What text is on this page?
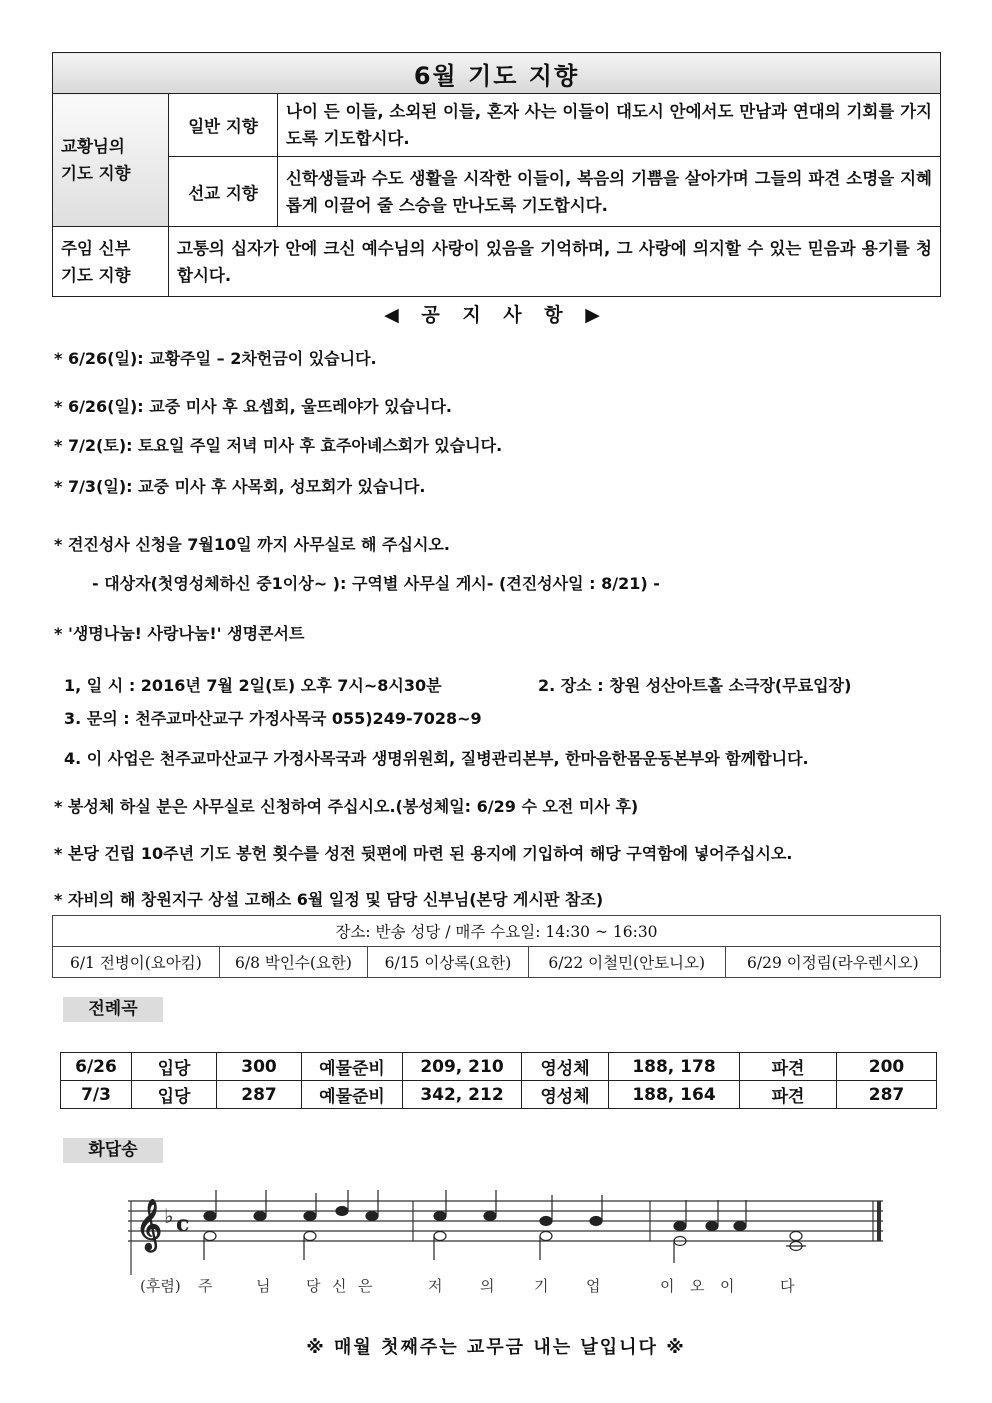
6월 기도 지향		

교황님의
기도 지향	일반 지향	나이 든 이들, 소외된 이들, 혼자 사는 이들이 대도시 안에서도 만남과 연대의 기회를 가지도록 기도합시다.
	선교 지향	신학생들과 수도 생활을 시작한 이들이, 복음의 기쁨을 살아가며 그들의 파견 소명을 지혜롭게 이끌어 줄 스승을 만나도록 기도합시다.

주임 신부
기도 지향	고통의 십자가 안에 크신 예수님의 사랑이 있음을 기억하며, 그 사랑에 의지할 수 있는 믿음과 용기를 청합시다.	
◀ 공 지 사 항 ▶
* 6/26(일): 교황주일 – 2차헌금이 있습니다.
* 6/26(일): 교중 미사 후 요셉회, 울뜨레야가 있습니다.
* 7/2(토): 토요일 주일 저녁 미사 후 효주아녜스회가 있습니다.
* 7/3(일): 교중 미사 후 사목회, 성모회가 있습니다.
* 견진성사 신청을 7월10일 까지 사무실로 해 주십시오.
- 대상자(첫영성체하신 중1이상~ ): 구역별 사무실 게시- (견진성사일 : 8/21) -
* '생명나눔! 사랑나눔!' 생명콘서트
1, 일 시 : 2016년 7월 2일(토) 오후 7시~8시30분	2. 장소 : 창원 성산아트홀 소극장(무료입장)
3. 문의 : 천주교마산교구 가정사목국 055)249-7028~9
4. 이 사업은 천주교마산교구 가정사목국과 생명위원회, 질병관리본부, 한마음한몸운동본부와 함께합니다.
* 봉성체 하실 분은 사무실로 신청하여 주십시오.(봉성체일: 6/29 수 오전 미사 후)
* 본당 건립 10주년 기도 봉헌 횟수를 성전 뒷편에 마련 된 용지에 기입하여 해당 구역함에 넣어주십시오.
* 자비의 해 창원지구 상설 고해소 6월 일정 및 담당 신부님(본당 게시판 참조)
장소: 반송 성당 / 매주 수요일: 14:30 ~ 16:30
6/1 전병이(요아킴)	6/8 박인수(요한)	6/15 이상록(요한)	6/22 이철민(안토니오)	6/29 이정림(라우렌시오)
전례곡
6/26	입당	300	예물준비	209, 210	영성체	188, 178	파견	200
7/3	입당	287	예물준비	342, 212	영성체	188, 164	파견	287
화답송
𝄞 ♭ c
(후렴) 주	님 당 신 은	저	의	기	업	이 오 이	다
※ 매월 첫째주는 교무금 내는 날입니다 ※
